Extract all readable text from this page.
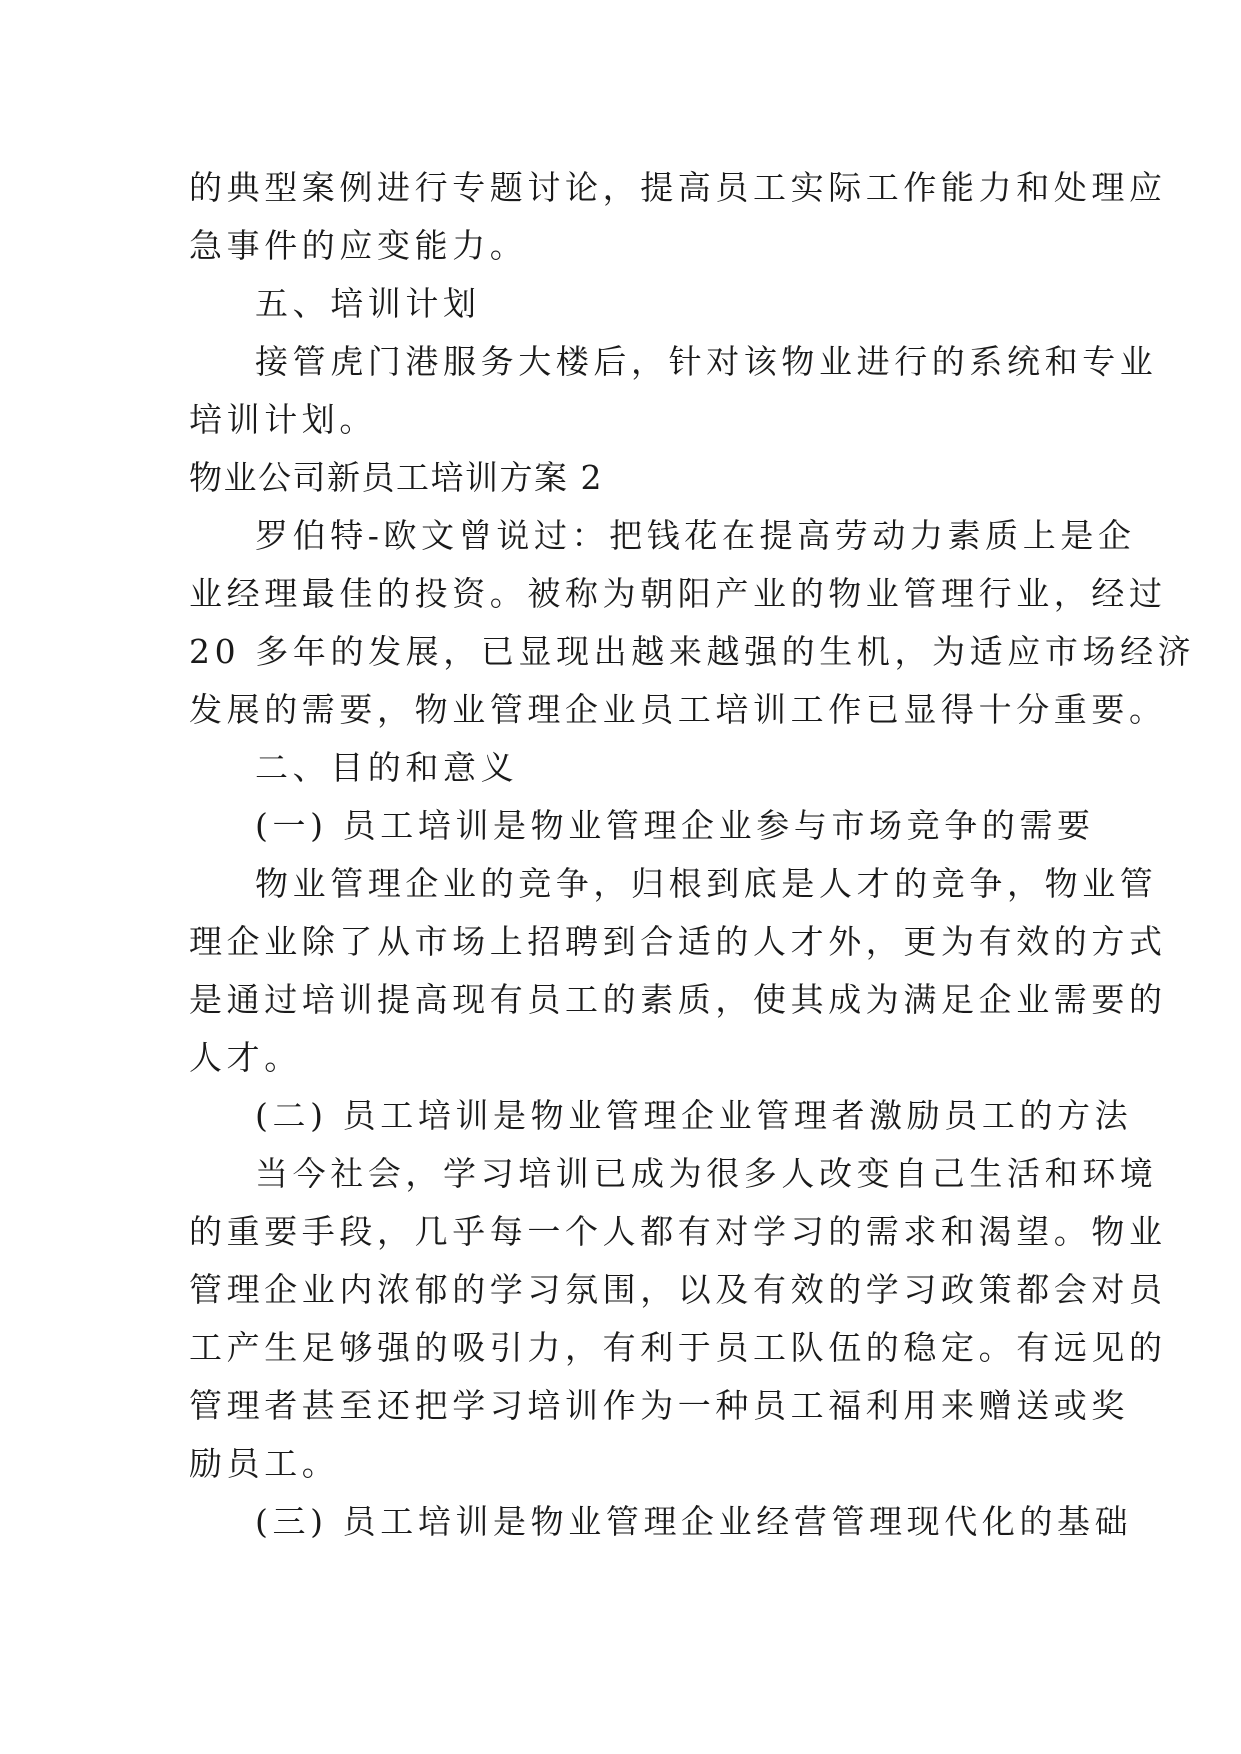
的典型案例进行专题讨论，提高员工实际工作能力和处理应

急事件的应变能力。

五、培训计划

接管虎门港服务大楼后，针对该物业进行的系统和专业

培训计划。

物业公司新员工培训方案 2

罗伯特-欧文曾说过：把钱花在提高劳动力素质上是企

业经理最佳的投资。被称为朝阳产业的物业管理行业，经过

20 多年的发展，已显现出越来越强的生机，为适应市场经济

发展的需要，物业管理企业员工培训工作已显得十分重要。

二、目的和意义

(一) 员工培训是物业管理企业参与市场竞争的需要

物业管理企业的竞争，归根到底是人才的竞争，物业管

理企业除了从市场上招聘到合适的人才外，更为有效的方式

是通过培训提高现有员工的素质，使其成为满足企业需要的

人才。

(二) 员工培训是物业管理企业管理者激励员工的方法

当今社会，学习培训已成为很多人改变自己生活和环境

的重要手段，几乎每一个人都有对学习的需求和渴望。物业

管理企业内浓郁的学习氛围，以及有效的学习政策都会对员

工产生足够强的吸引力，有利于员工队伍的稳定。有远见的

管理者甚至还把学习培训作为一种员工福利用来赠送或奖

励员工。

(三) 员工培训是物业管理企业经营管理现代化的基础
